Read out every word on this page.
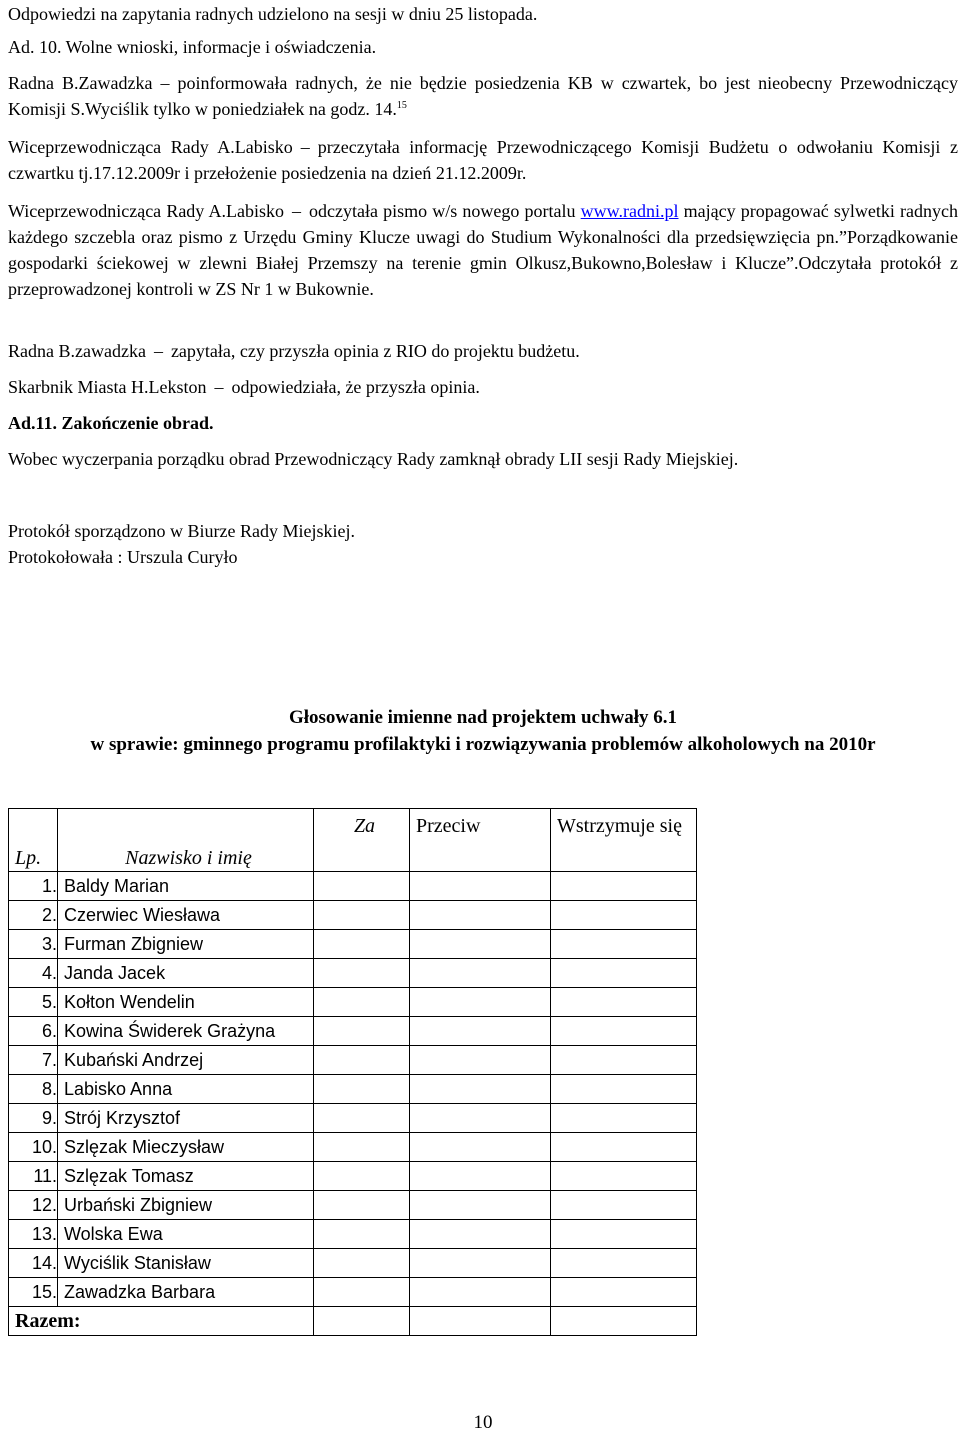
Odpowiedzi na zapytania radnych udzielono na sesji w dniu 25 listopada.

Ad. 10. Wolne wnioski, informacje i oświadczenia.

Radna B.Zawadzka – poinformowała radnych, że nie będzie posiedzenia KB w czwartek, bo jest nieobecny Przewodniczący Komisji S.Wyciślik tylko w poniedziałek na godz. 14.15

Wiceprzewodnicząca Rady A.Labisko – przeczytała informację Przewodniczącego Komisji Budżetu o odwołaniu Komisji z czwartku tj.17.12.2009r i przełożenie posiedzenia na dzień 21.12.2009r.

Wiceprzewodnicząca Rady A.Labisko – odczytała pismo w/s nowego portalu www.radni.pl mający propagować sylwetki radnych każdego szczebla oraz pismo z Urzędu Gminy Klucze uwagi do Studium Wykonalności dla przedsięwzięcia pn.”Porządkowanie gospodarki ściekowej w zlewni Białej Przemszy na terenie gmin Olkusz,Bukowno,Bolesław i Klucze”.Odczytała protokół z przeprowadzonej kontroli w ZS Nr 1 w Bukownie.

Radna B.zawadzka – zapytała, czy przyszła opinia z RIO do projektu budżetu.

Skarbnik Miasta H.Lekston – odpowiedziała, że przyszła opinia.

Ad.11. Zakończenie obrad.

Wobec wyczerpania porządku obrad Przewodniczący Rady zamknął obrady LII sesji Rady Miejskiej.

Protokół sporządzono w Biurze Rady Miejskiej.

Protokołowała : Urszula Curyło

Głosowanie imienne nad projektem uchwały 6.1
w sprawie: gminnego programu profilaktyki i rozwiązywania problemów alkoholowych na 2010r
Lp.	Nazwisko i imię	Za	Przeciw	Wstrzymuje się
1.	Baldy Marian			
2.	Czerwiec Wiesława			
3.	Furman Zbigniew			
4.	Janda Jacek			
5.	Kołton Wendelin			
6.	Kowina Świderek Grażyna			
7.	Kubański Andrzej			
8.	Labisko Anna			
9.	Strój Krzysztof			
10.	Szlęzak Mieczysław			
11.	Szlęzak Tomasz			
12.	Urbański Zbigniew			
13.	Wolska Ewa			
14.	Wyciślik Stanisław			
15.	Zawadzka Barbara			
Razem:				
10
